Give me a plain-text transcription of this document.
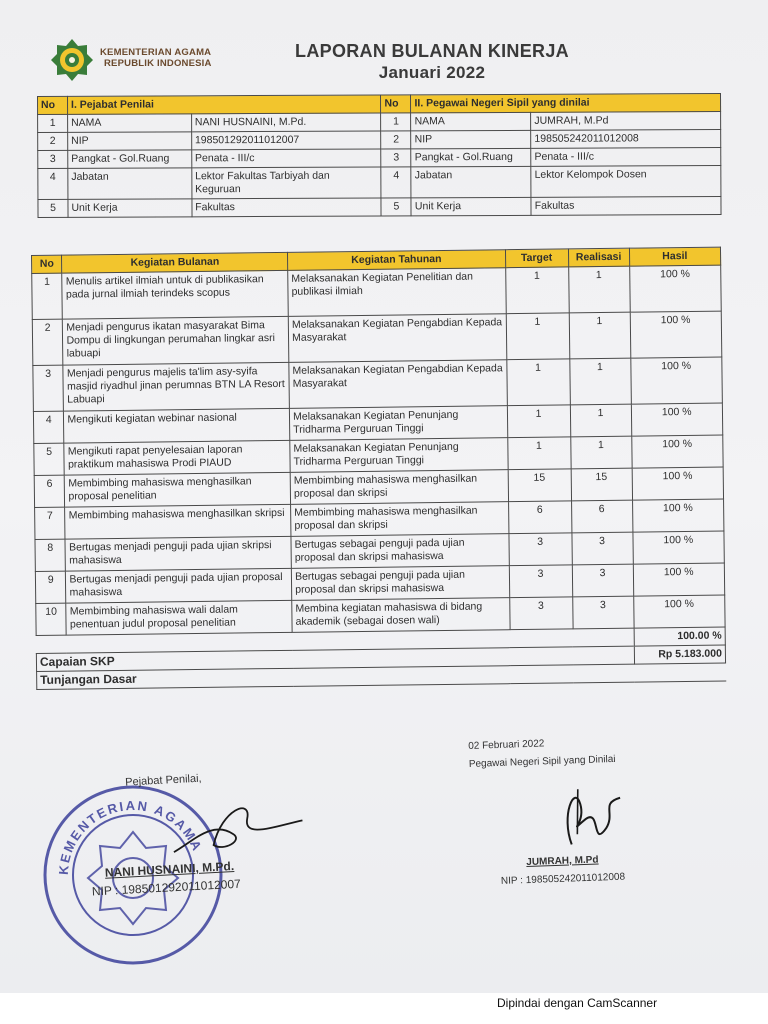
KEMENTERIAN AGAMA
REPUBLIK INDONESIA
LAPORAN BULANAN KINERJA
Januari 2022
No	I. Pejabat Penilai		No	II. Pegawai Negeri Sipil yang dinilai	
1	NAMA	NANI HUSNAINI, M.Pd.	1	NAMA	JUMRAH, M.Pd
2	NIP	198501292011012007	2	NIP	198505242011012008
3	Pangkat - Gol.Ruang	Penata - III/c	3	Pangkat - Gol.Ruang	Penata - III/c
4	Jabatan	Lektor Fakultas Tarbiyah dan Keguruan	4	Jabatan	Lektor Kelompok Dosen
5	Unit Kerja	Fakultas	5	Unit Kerja	Fakultas
No	Kegiatan Bulanan	Kegiatan Tahunan	Target	Realisasi	Hasil
1	Menulis artikel ilmiah untuk di publikasikan pada jurnal ilmiah terindeks scopus	Melaksanakan Kegiatan Penelitian dan publikasi ilmiah	1	1	100 %
2	Menjadi pengurus ikatan masyarakat Bima Dompu di lingkungan perumahan lingkar asri labuapi	Melaksanakan Kegiatan Pengabdian Kepada Masyarakat	1	1	100 %
3	Menjadi pengurus majelis ta'lim asy-syifa masjid riyadhul jinan perumnas BTN LA Resort Labuapi	Melaksanakan Kegiatan Pengabdian Kepada Masyarakat	1	1	100 %
4	Mengikuti kegiatan webinar nasional	Melaksanakan Kegiatan Penunjang Tridharma Perguruan Tinggi	1	1	100 %
5	Mengikuti rapat penyelesaian laporan praktikum mahasiswa Prodi PIAUD	Melaksanakan Kegiatan Penunjang Tridharma Perguruan Tinggi	1	1	100 %
6	Membimbing mahasiswa menghasilkan proposal penelitian	Membimbing mahasiswa menghasilkan proposal dan skripsi	15	15	100 %
7	Membimbing mahasiswa menghasilkan skripsi	Membimbing mahasiswa menghasilkan proposal dan skripsi	6	6	100 %
8	Bertugas menjadi penguji pada ujian skripsi mahasiswa	Bertugas sebagai penguji pada ujian proposal dan skripsi mahasiswa	3	3	100 %
9	Bertugas menjadi penguji pada ujian proposal mahasiswa	Bertugas sebagai penguji pada ujian proposal dan skripsi mahasiswa	3	3	100 %
10	Membimbing mahasiswa wali dalam penentuan judul proposal penelitian	Membina kegiatan mahasiswa di bidang akademik (sebagai dosen wali)	3	3	100 %
					100.00 %
Capaian SKP					Rp 5.183.000
Tunjangan Dasar					
02 Februari 2022
Pegawai Negeri Sipil yang Dinilai
JUMRAH, M.Pd
NIP : 198505242011012008
KEMENTERIAN AGAMA
Pejabat Penilai,
NANI HUSNAINI, M.Pd.
NIP : 198501292011012007
Dipindai dengan CamScanner
